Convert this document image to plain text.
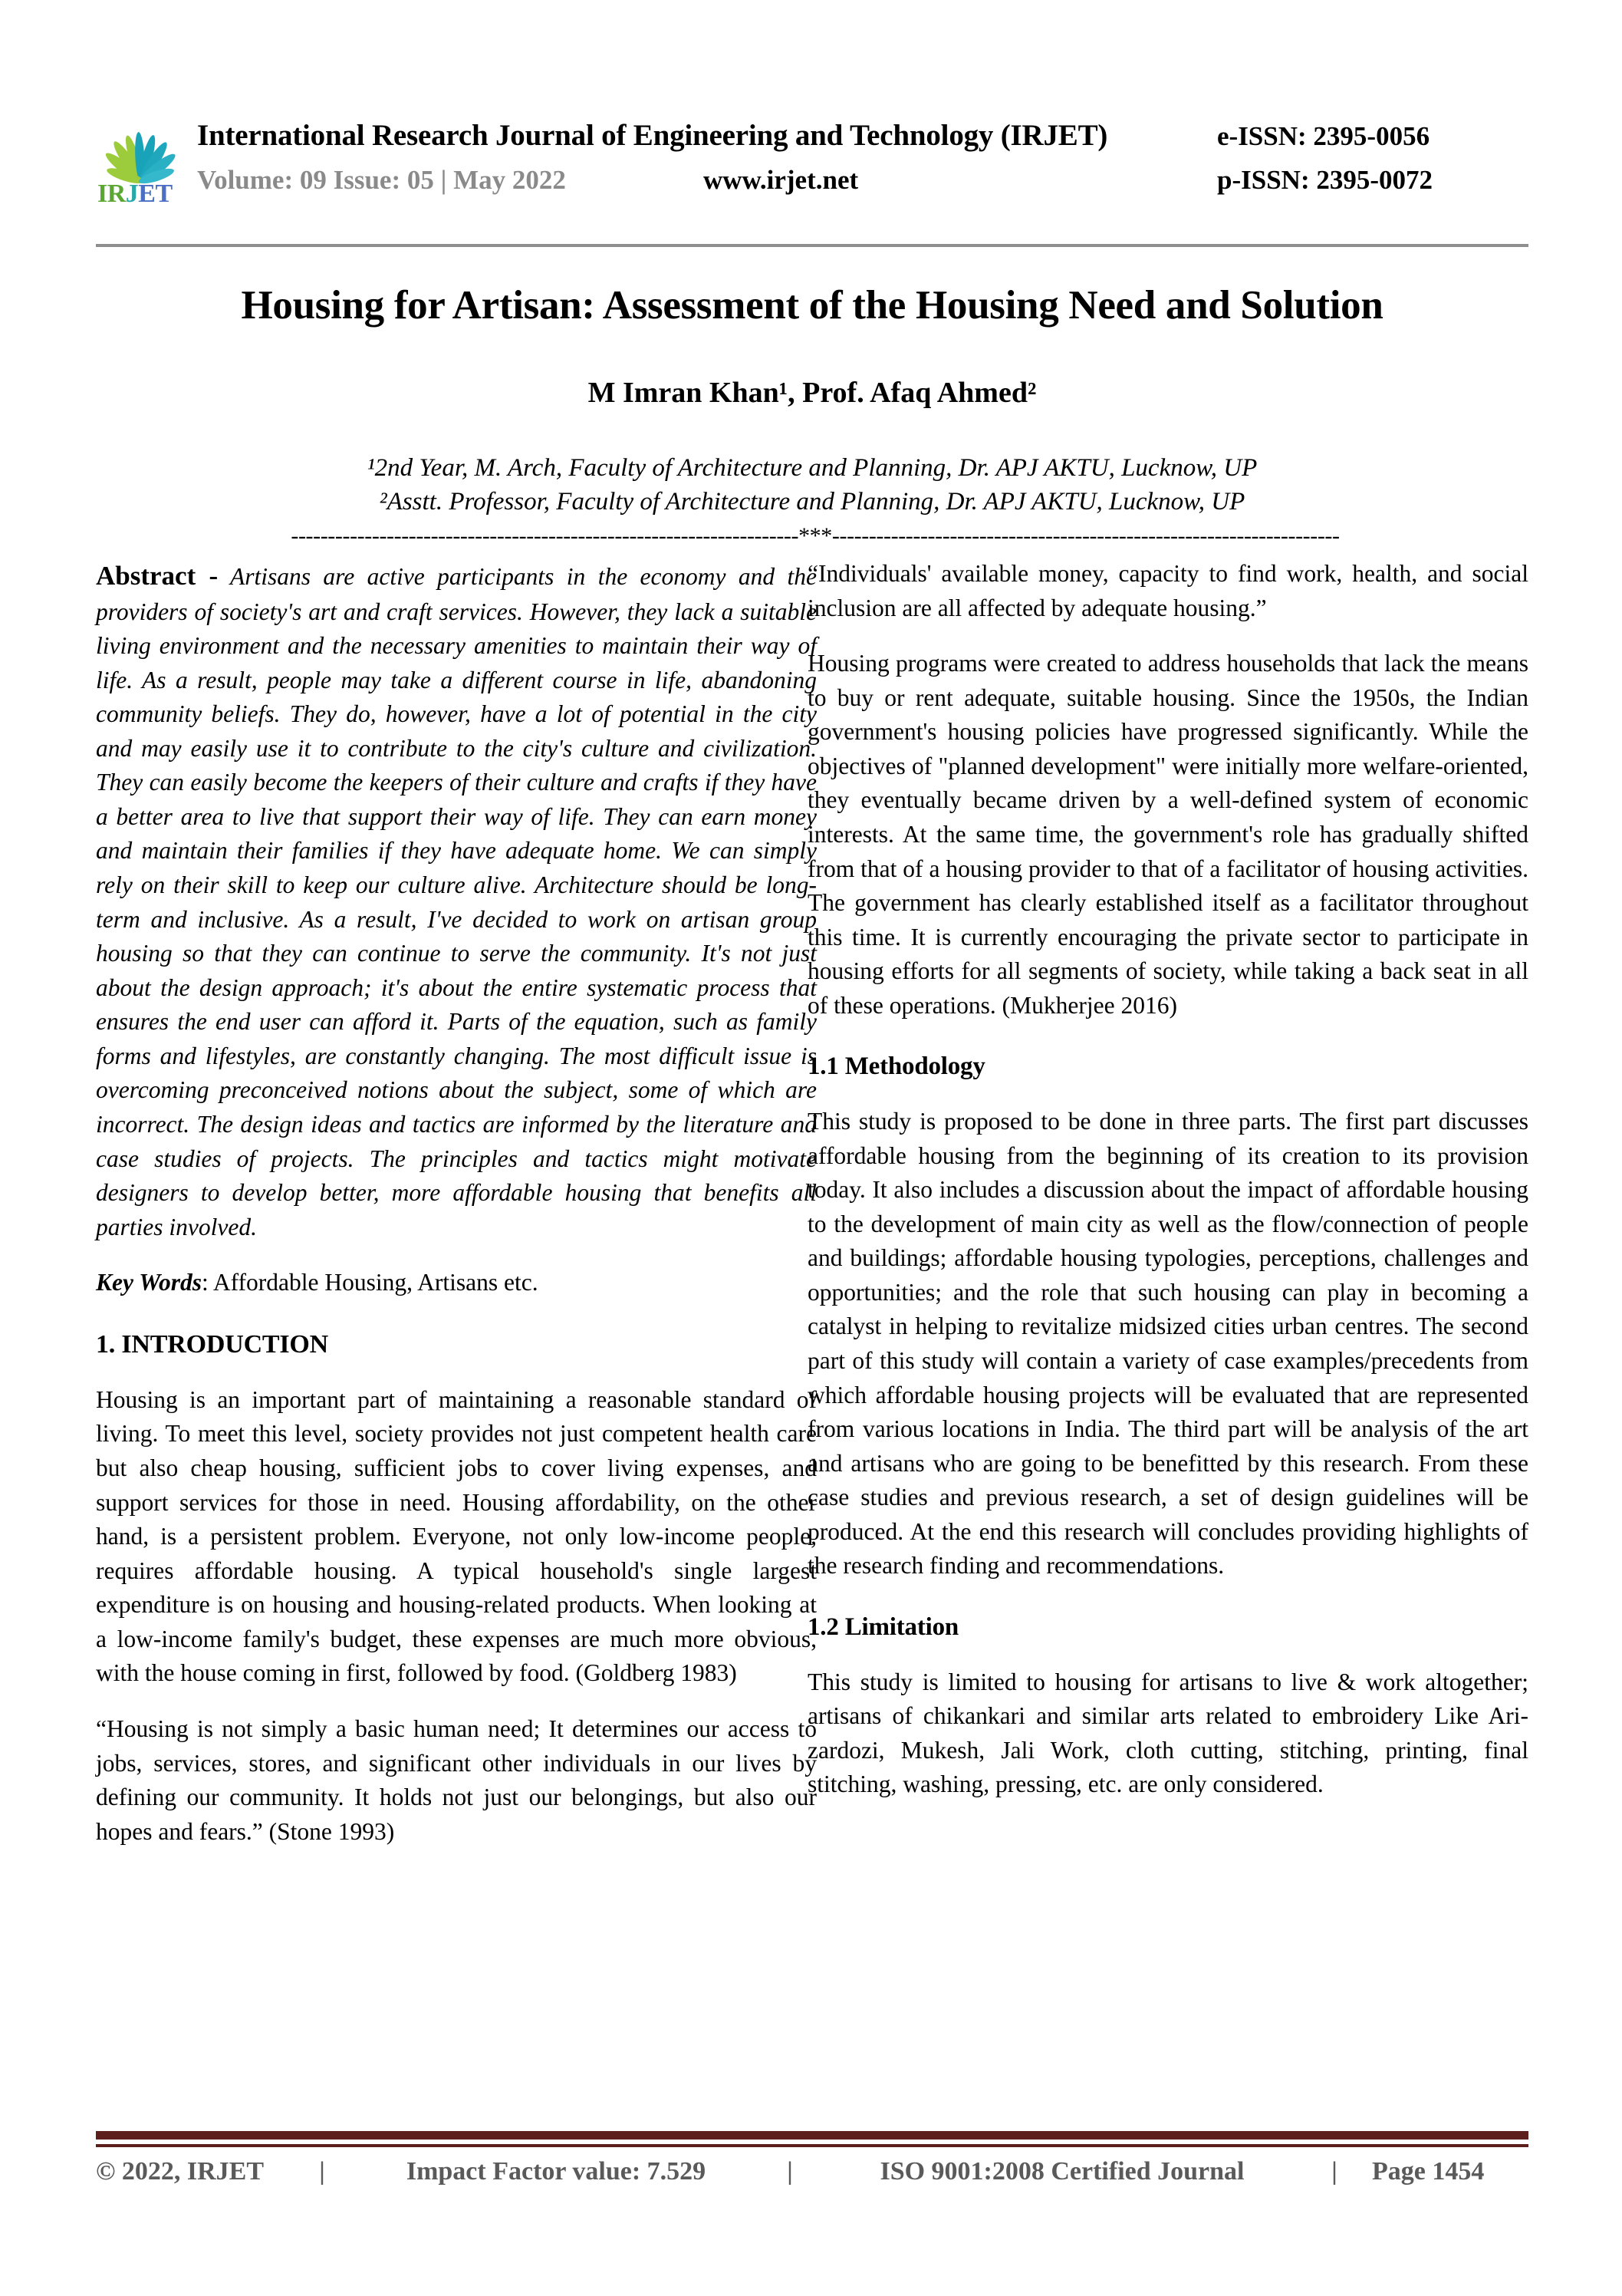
IRJET
International Research Journal of Engineering and Technology (IRJET)	e-ISSN: 2395-0056
Volume: 09 Issue: 05 | May 2022	www.irjet.net	p-ISSN: 2395-0072
Housing for Artisan: Assessment of the Housing Need and Solution
M Imran Khan¹, Prof. Afaq Ahmed²
¹2nd Year, M. Arch, Faculty of Architecture and Planning, Dr. APJ AKTU, Lucknow, UP
²Asstt. Professor, Faculty of Architecture and Planning, Dr. APJ AKTU, Lucknow, UP
---------------------------------------------------------------------***---------------------------------------------------------------------

Abstract - Artisans are active participants in the economy and the providers of society's art and craft services. However, they lack a suitable living environment and the necessary amenities to maintain their way of life. As a result, people may take a different course in life, abandoning community beliefs. They do, however, have a lot of potential in the city and may easily use it to contribute to the city's culture and civilization. They can easily become the keepers of their culture and crafts if they have a better area to live that support their way of life. They can earn money and maintain their families if they have adequate home. We can simply rely on their skill to keep our culture alive. Architecture should be long-term and inclusive. As a result, I've decided to work on artisan group housing so that they can continue to serve the community. It's not just about the design approach; it's about the entire systematic process that ensures the end user can afford it. Parts of the equation, such as family forms and lifestyles, are constantly changing. The most difficult issue is overcoming preconceived notions about the subject, some of which are incorrect. The design ideas and tactics are informed by the literature and case studies of projects. The principles and tactics might motivate designers to develop better, more affordable housing that benefits all parties involved.

Key Words: Affordable Housing, Artisans etc.

1. INTRODUCTION

Housing is an important part of maintaining a reasonable standard of living. To meet this level, society provides not just competent health care but also cheap housing, sufficient jobs to cover living expenses, and support services for those in need. Housing affordability, on the other hand, is a persistent problem. Everyone, not only low-income people, requires affordable housing. A typical household's single largest expenditure is on housing and housing-related products. When looking at a low-income family's budget, these expenses are much more obvious, with the house coming in first, followed by food. (Goldberg 1983)

“Housing is not simply a basic human need; It determines our access to jobs, services, stores, and significant other individuals in our lives by defining our community. It holds not just our belongings, but also our hopes and fears.” (Stone 1993)

“Individuals' available money, capacity to find work, health, and social inclusion are all affected by adequate housing.”

Housing programs were created to address households that lack the means to buy or rent adequate, suitable housing. Since the 1950s, the Indian government's housing policies have progressed significantly. While the objectives of "planned development" were initially more welfare-oriented, they eventually became driven by a well-defined system of economic interests. At the same time, the government's role has gradually shifted from that of a housing provider to that of a facilitator of housing activities. The government has clearly established itself as a facilitator throughout this time. It is currently encouraging the private sector to participate in housing efforts for all segments of society, while taking a back seat in all of these operations. (Mukherjee 2016)

1.1 Methodology

This study is proposed to be done in three parts. The first part discusses affordable housing from the beginning of its creation to its provision today. It also includes a discussion about the impact of affordable housing to the development of main city as well as the flow/connection of people and buildings; affordable housing typologies, perceptions, challenges and opportunities; and the role that such housing can play in becoming a catalyst in helping to revitalize midsized cities urban centres. The second part of this study will contain a variety of case examples/precedents from which affordable housing projects will be evaluated that are represented from various locations in India. The third part will be analysis of the art and artisans who are going to be benefitted by this research. From these case studies and previous research, a set of design guidelines will be produced. At the end this research will concludes providing highlights of the research finding and recommendations.

1.2 Limitation

This study is limited to housing for artisans to live & work altogether; artisans of chikankari and similar arts related to embroidery Like Ari- zardozi, Mukesh, Jali Work, cloth cutting, stitching, printing, final stitching, washing, pressing, etc. are only considered.

© 2022, IRJET	|	Impact Factor value: 7.529	|	ISO 9001:2008 Certified Journal	|	Page 1454
